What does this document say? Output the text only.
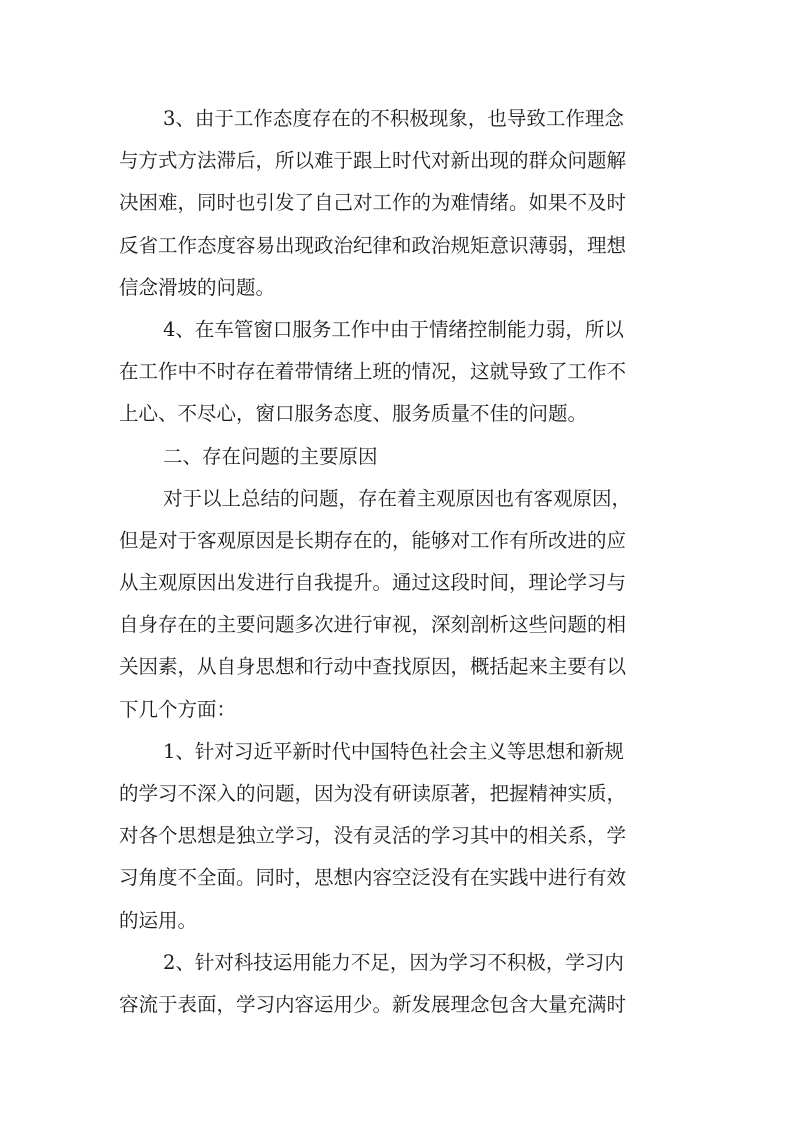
3、由于工作态度存在的不积极现象，也导致工作理念
与方式方法滞后，所以难于跟上时代对新出现的群众问题解
决困难，同时也引发了自己对工作的为难情绪。如果不及时
反省工作态度容易出现政治纪律和政治规矩意识薄弱，理想
信念滑坡的问题。
4、在车管窗口服务工作中由于情绪控制能力弱，所以
在工作中不时存在着带情绪上班的情况，这就导致了工作不
上心、不尽心，窗口服务态度、服务质量不佳的问题。
二、存在问题的主要原因
对于以上总结的问题，存在着主观原因也有客观原因，
但是对于客观原因是长期存在的，能够对工作有所改进的应
从主观原因出发进行自我提升。通过这段时间，理论学习与
自身存在的主要问题多次进行审视，深刻剖析这些问题的相
关因素，从自身思想和行动中查找原因，概括起来主要有以
下几个方面：
1、针对习近平新时代中国特色社会主义等思想和新规
的学习不深入的问题，因为没有研读原著，把握精神实质，
对各个思想是独立学习，没有灵活的学习其中的相关系，学
习角度不全面。同时，思想内容空泛没有在实践中进行有效
的运用。
2、针对科技运用能力不足，因为学习不积极，学习内
容流于表面，学习内容运用少。新发展理念包含大量充满时
